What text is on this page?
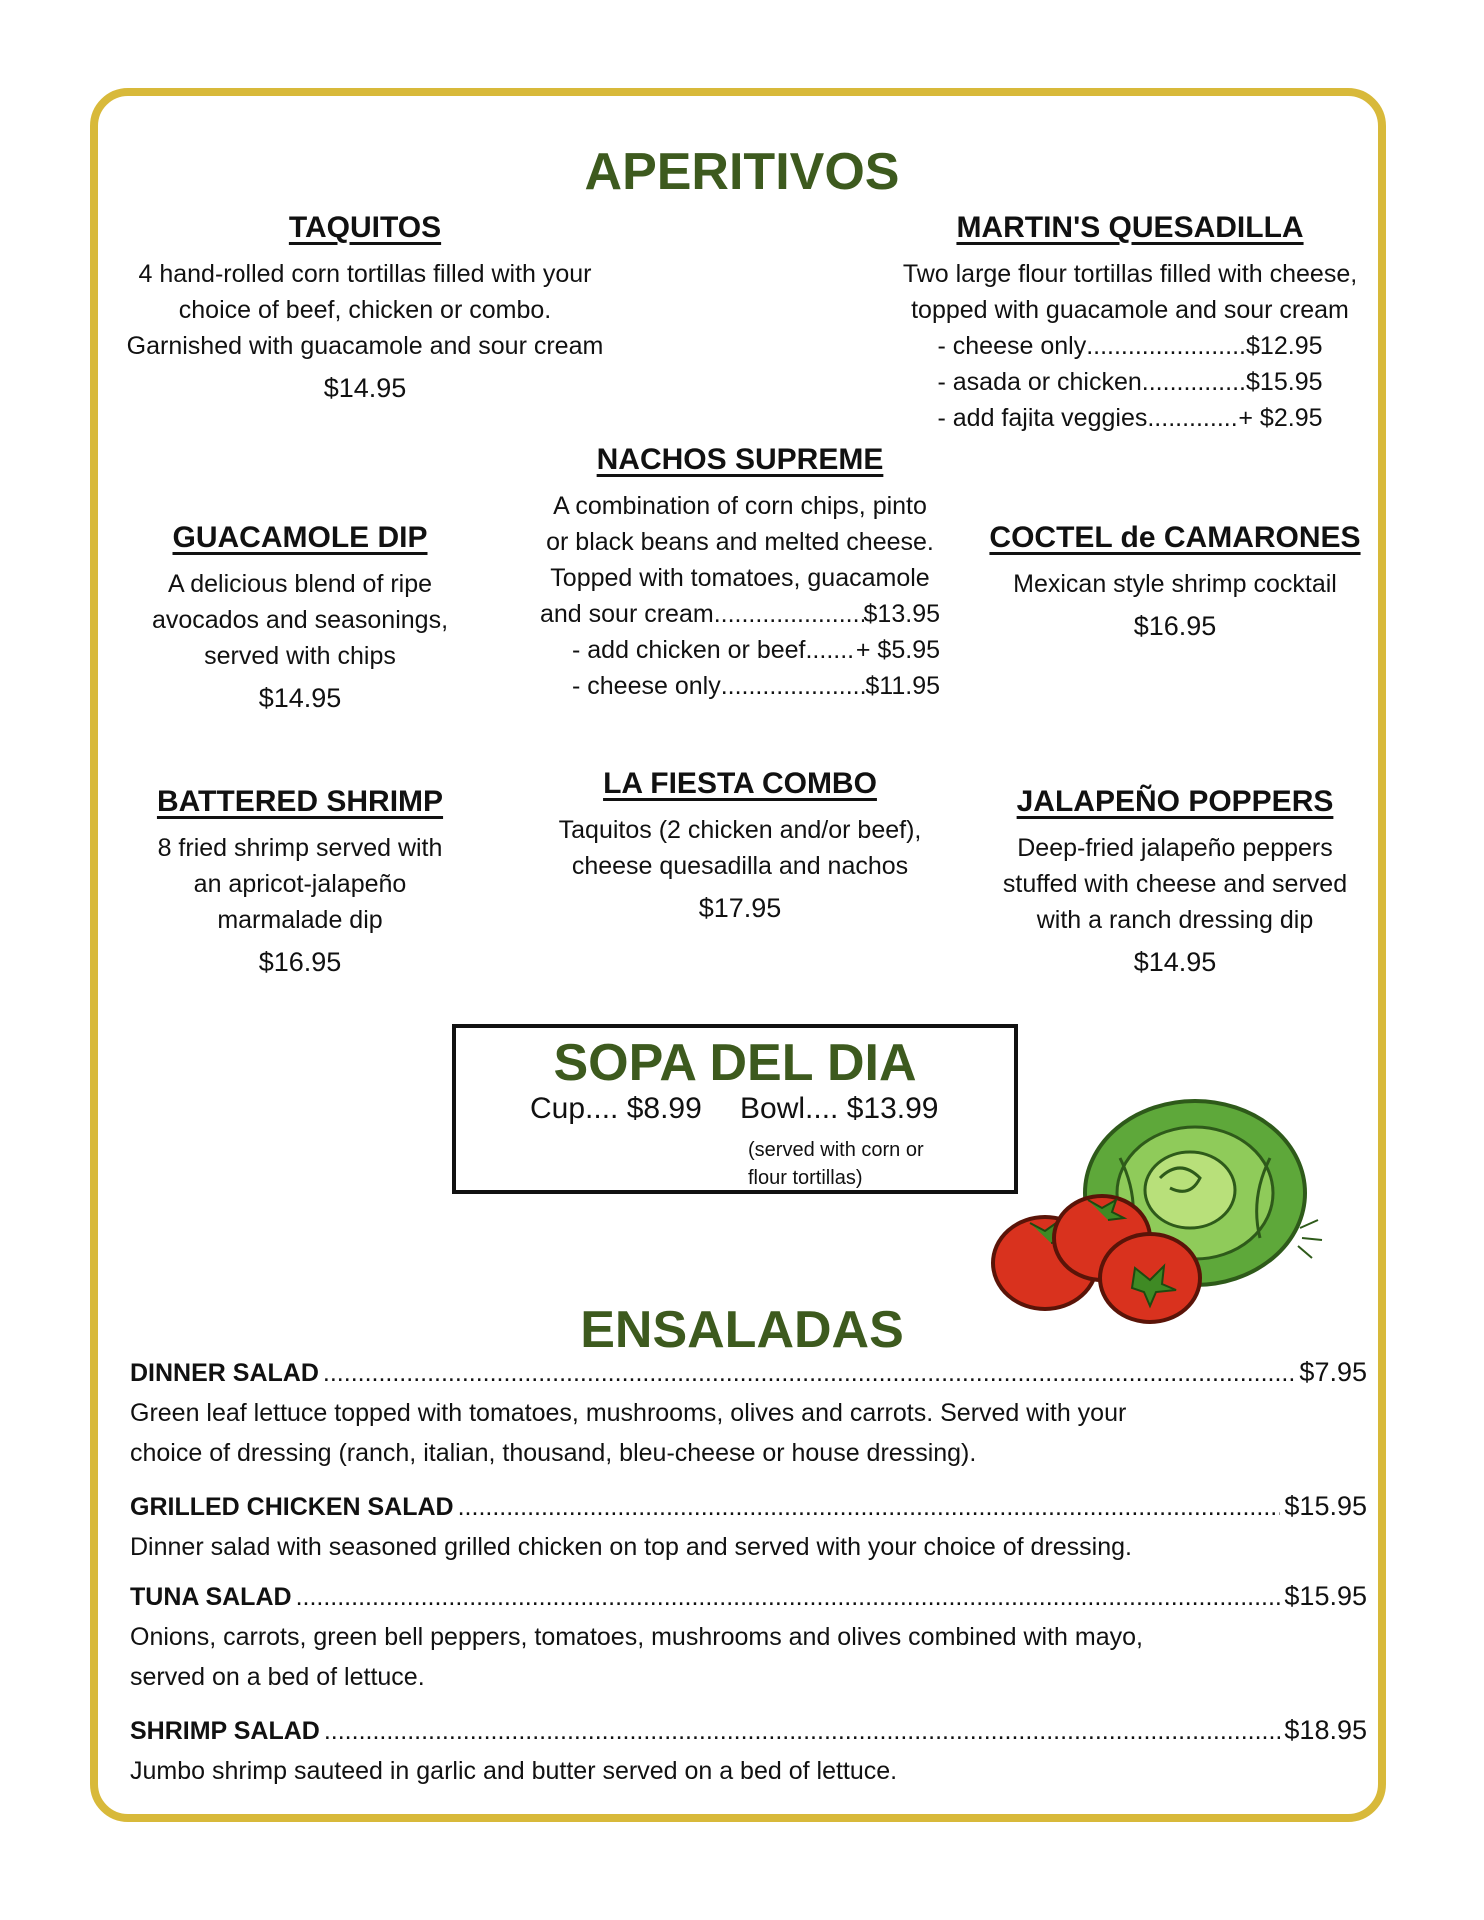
APERITIVOS
TAQUITOS
4 hand-rolled corn tortillas filled with your
choice of beef, chicken or combo.
Garnished with guacamole and sour cream
$14.95
MARTIN'S QUESADILLA
Two large flour tortillas filled with cheese,
topped with guacamole and sour cream
- cheese only .....	$12.95
- asada or chicken .....	$15.95
- add fajita veggies .....	+ $2.95
NACHOS SUPREME
A combination of corn chips, pinto
or black beans and melted cheese.
Topped with tomatoes, guacamole
and sour cream .....	$13.95
- add chicken or beef ..... + $5.95
- cheese only .....	$11.95
GUACAMOLE DIP
A delicious blend of ripe
avocados and seasonings,
served with chips
$14.95
COCTEL de CAMARONES
Mexican style shrimp cocktail
$16.95
BATTERED SHRIMP
8 fried shrimp served with
an apricot-jalapeño
marmalade dip
$16.95
LA FIESTA COMBO
Taquitos (2 chicken and/or beef),
cheese quesadilla and nachos
$17.95
JALAPEÑO POPPERS
Deep-fried jalapeño peppers
stuffed with cheese and served
with a ranch dressing dip
$14.95
SOPA DEL DIA
Cup.... $8.99 Bowl.... $13.99
(served with corn or
flour tortillas)
ENSALADAS
DINNER SALAD .....	$7.95
Green leaf lettuce topped with tomatoes, mushrooms, olives and carrots. Served with your
choice of dressing (ranch, italian, thousand, bleu-cheese or house dressing).
GRILLED CHICKEN SALAD .....	$15.95
Dinner salad with seasoned grilled chicken on top and served with your choice of dressing.
TUNA SALAD .....	$15.95
Onions, carrots, green bell peppers, tomatoes, mushrooms and olives combined with mayo,
served on a bed of lettuce.
SHRIMP SALAD .....	$18.95
Jumbo shrimp sauteed in garlic and butter served on a bed of lettuce.
